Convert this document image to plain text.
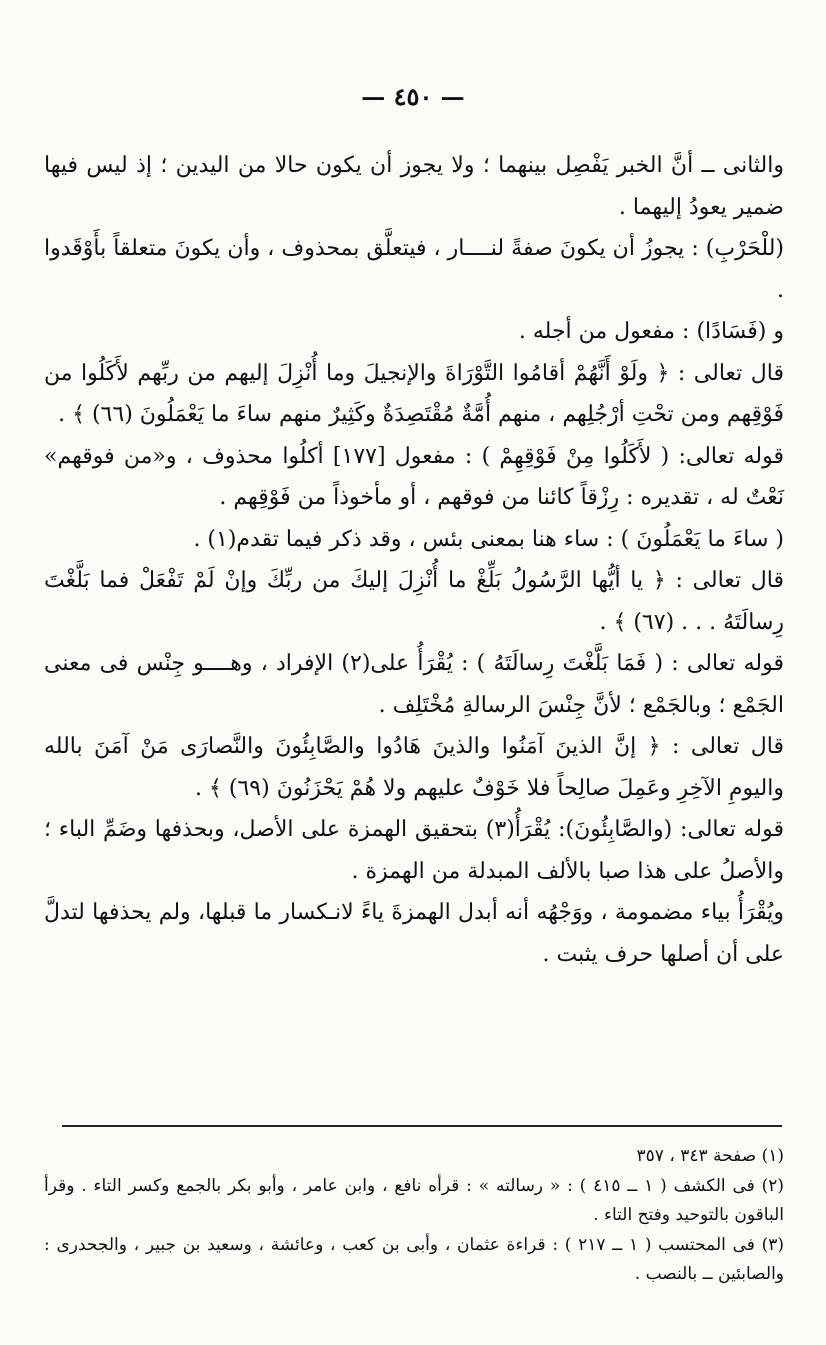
— ٤٥٠ —

والثانى ــ أنَّ الخبر يَفْصِل بينهما ؛ ولا يجوز أن يكون حالا من اليدين ؛ إذ ليس فيها ضمير يعودُ إليهما .

(للْحَرْبِ) : يجوزُ أن يكونَ صفةً لنــــار ، فيتعلَّق بمحذوف ، وأن يكونَ متعلقاً بأَوْقَدوا .

و (فَسَادًا) : مفعول من أجله .

قال تعالى : ﴿ ولَوْ أَنَّهُمْ أقامُوا التَّوْرَاةَ والإنجيلَ وما أُنْزِلَ إليهم من ربِّهم لأَكَلُوا من فَوْقِهم ومن تحْتِ أرْجُلِهم ، منهم أُمَّةٌ مُقْتَصِدَةٌ وكَثِيرٌ منهم ساءَ ما يَعْمَلُونَ (٦٦) ﴾ .

قوله تعالى: ( لأَكَلُوا مِنْ فَوْقِهِمْ ) : مفعول [١٧٧] أكلُوا محذوف ، و«من فوقهم» نَعْتٌ له ، تقديره : رِزْقاً كائنا من فوقهم ، أو مأخوذاً من فَوْقِهم .

( ساءَ ما يَعْمَلُونَ ) : ساء هنا بمعنى بئس ، وقد ذكر فيما تقدم(١) .

قال تعالى : ﴿ يا أيُّها الرَّسُولُ بَلِّغْ ما أُنْزِلَ إليكَ من ربِّكَ وإنْ لَمْ تَفْعَلْ فما بَلَّغْتَ رِسالَتَهُ . . . (٦٧) ﴾ .

قوله تعالى : ( فَمَا بَلَّغْتَ رِسالَتَهُ ) : يُقْرَأُ على(٢) الإفراد ، وهــــو جِنْس فى معنى الجَمْع ؛ وبالجَمْع ؛ لأنَّ جِنْسَ الرسالةِ مُخْتَلِف .

قال تعالى : ﴿ إنَّ الذينَ آمَنُوا والذينَ هَادُوا والصَّابِئُونَ والنَّصارَى مَنْ آمَنَ بالله واليومِ الآخِرِ وعَمِلَ صالِحاً فلا خَوْفٌ عليهم ولا هُمْ يَحْزَنُونَ (٦٩) ﴾ .

قوله تعالى: (والصَّابِئُونَ): يُقْرَأُ(٣) بتحقيق الهمزة على الأصل، وبحذفها وضَمِّ الباء ؛ والأصلُ على هذا صبا بالألف المبدلة من الهمزة .

ويُقْرَأُ بياء مضمومة ، ووَجْهُه أنه أبدل الهمزةَ ياءً لانـكسار ما قبلها، ولم يحذفها لتدلَّ على أن أصلها حرف يثبت .

(١) صفحة ٣٤٣ ، ٣٥٧

(٢) فى الكشف ( ١ ــ ٤١٥ ) : « رسالته » : قرأه نافع ، وابن عامر ، وأبو بكر بالجمع وكسر التاء . وقرأ الباقون بالتوحيد وفتح التاء .

(٣) فى المحتسب ( ١ ــ ٢١٧ ) : قراءة عثمان ، وأبى بن كعب ، وعائشة ، وسعيد بن جبير ، والجحدرى : والصابئين ــ بالنصب .
